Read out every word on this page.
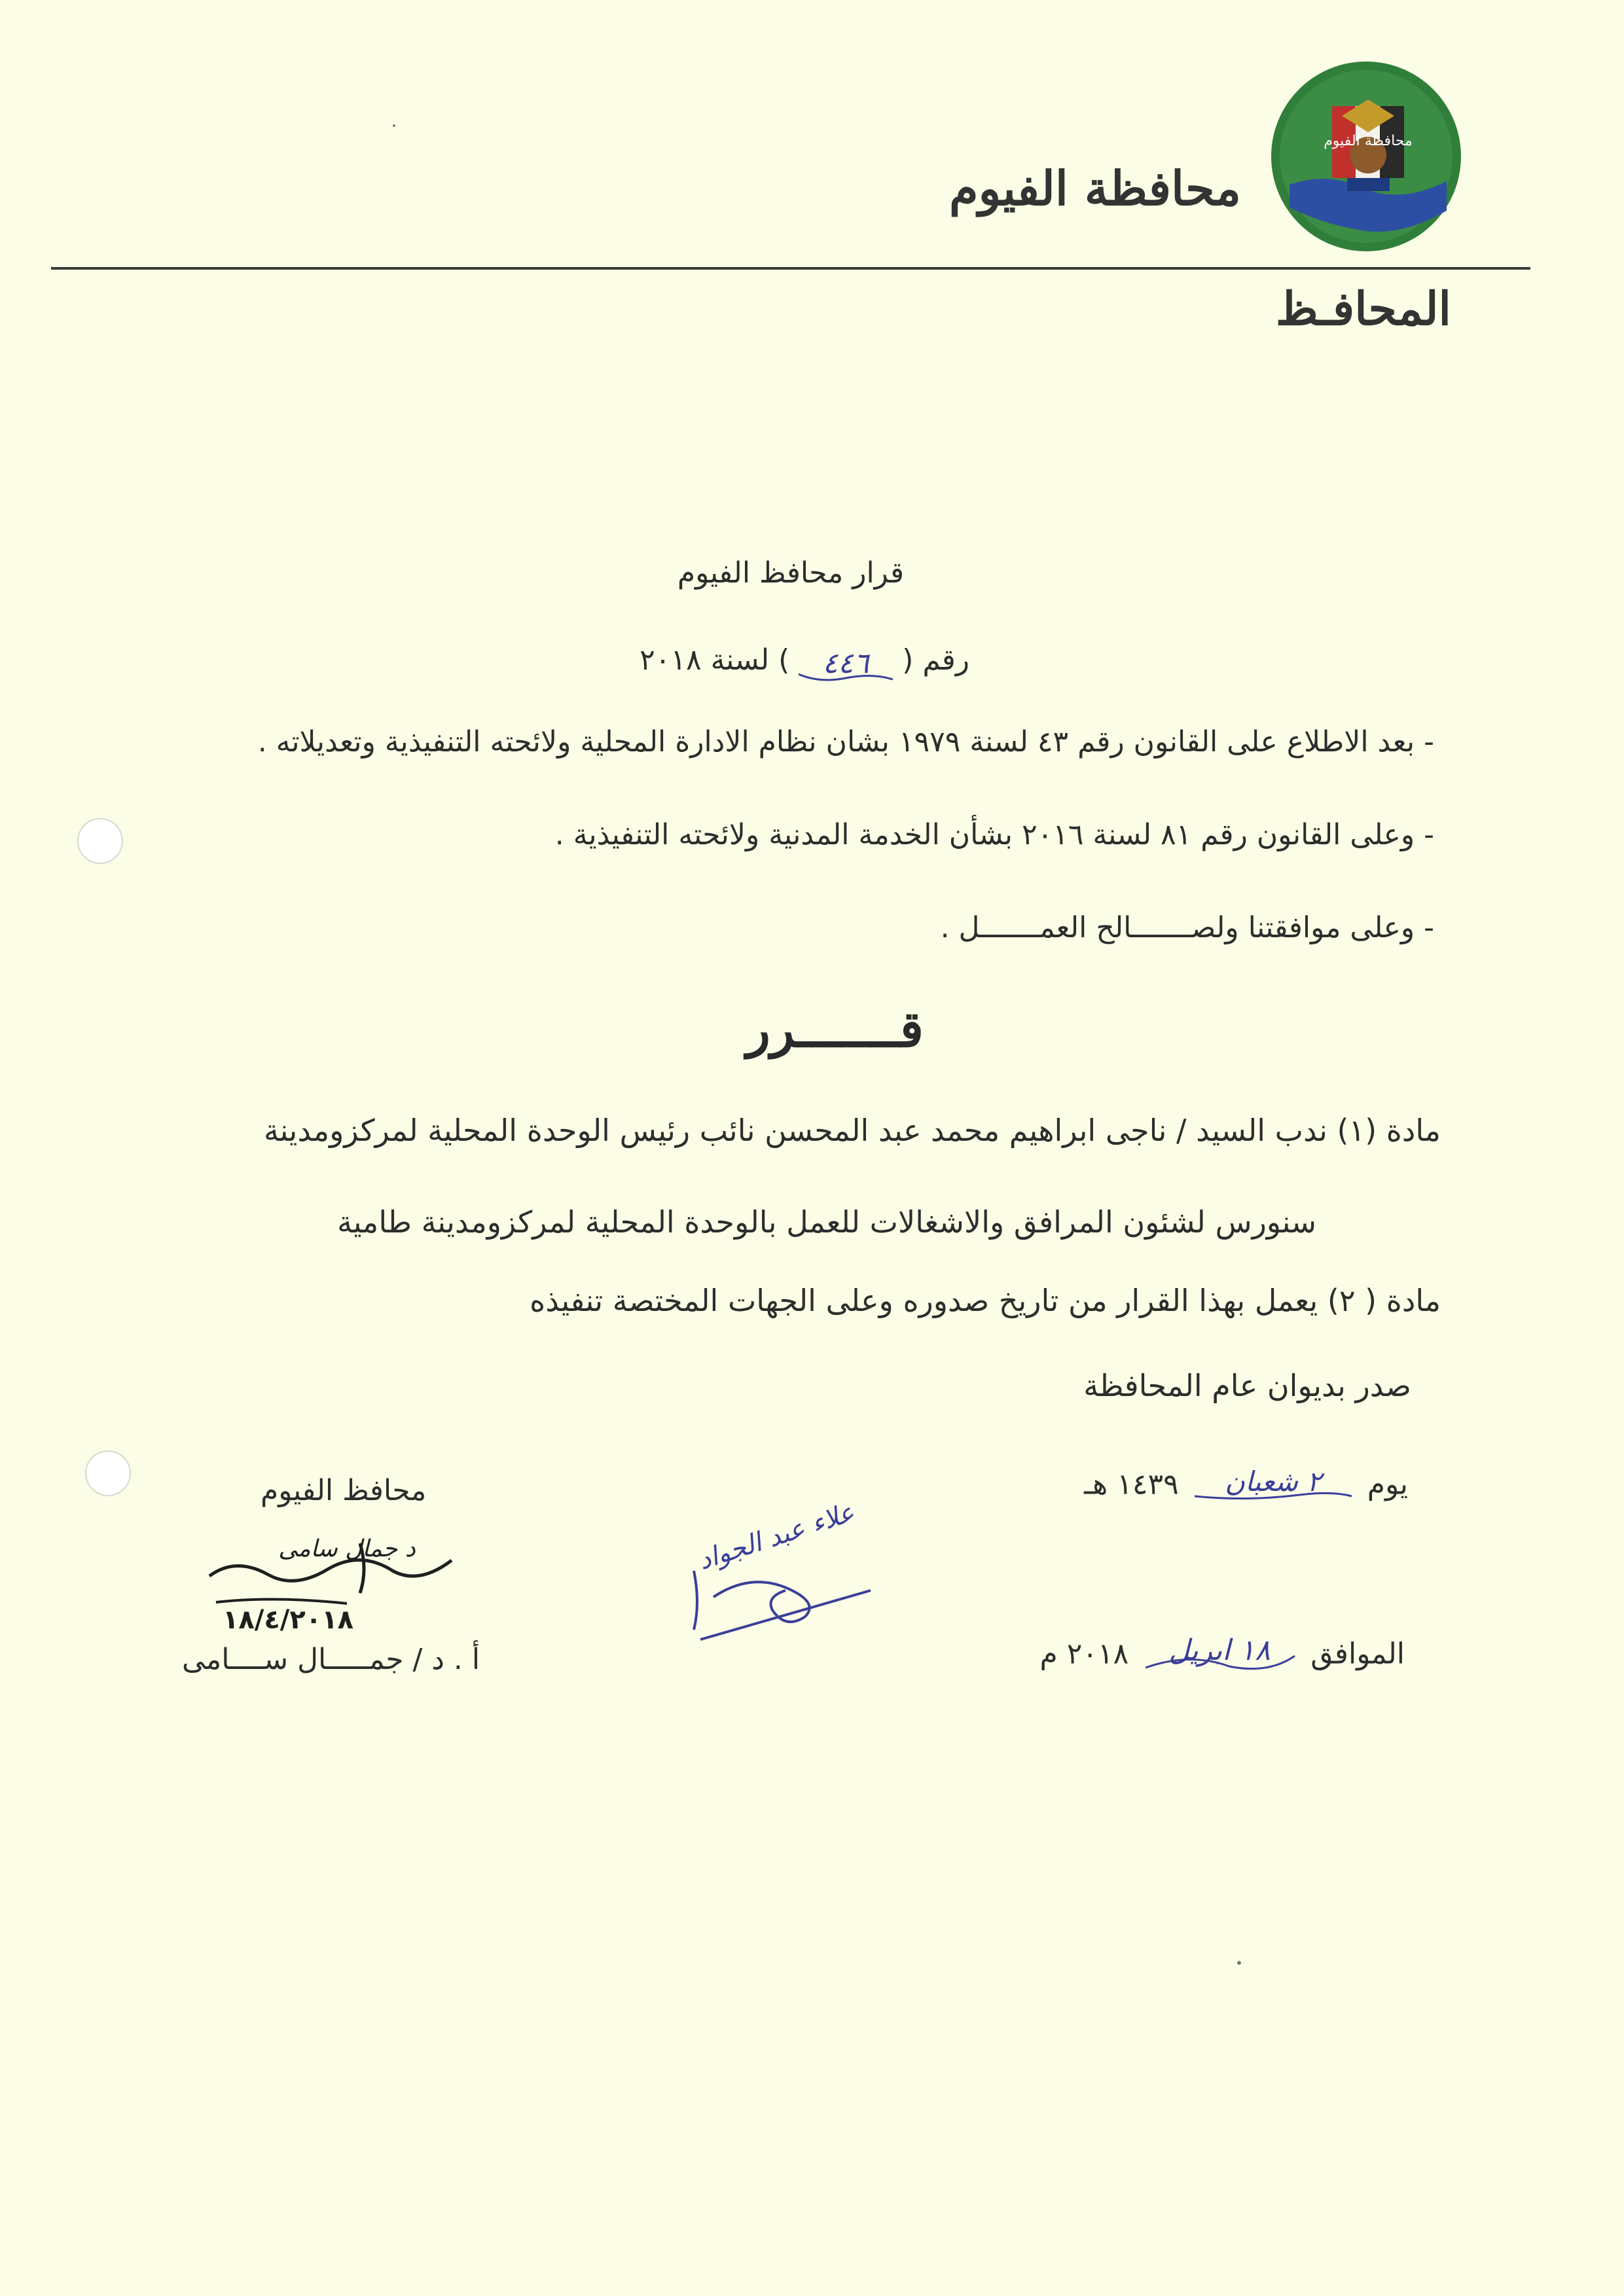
محافظة الفيوم
محافظة الفيوم
المحافـظ
قرار محافظ الفيوم
رقم (
٤٤٦
) لسنة ٢٠١٨
- بعد الاطلاع على القانون رقم ٤٣ لسنة ١٩٧٩ بشان نظام الادارة المحلية ولائحته التنفيذية وتعديلاته .
- وعلى القانون رقم ٨١ لسنة ٢٠١٦ بشأن الخدمة المدنية ولائحته التنفيذية .
- وعلى موافقتنا ولصـــــــالح العمـــــــل .
قـــــــرر
مادة (١) ندب السيد / ناجى ابراهيم محمد عبد المحسن نائب رئيس الوحدة المحلية لمركزومدينة
سنورس لشئون المرافق والاشغالات للعمل بالوحدة المحلية لمركزومدينة طامية
مادة ( ٢) يعمل بهذا القرار من تاريخ صدوره وعلى الجهات المختصة تنفيذه
صدر بديوان عام المحافظة
يوم
٢ شعبان
١٤٣٩ هـ
الموافق
١٨ ابريل
٢٠١٨ م
محافظ الفيوم
د جمال سامى
١٨/٤/٢٠١٨
أ . د / جمـــــال ســــامى
علاء عبد الجواد
